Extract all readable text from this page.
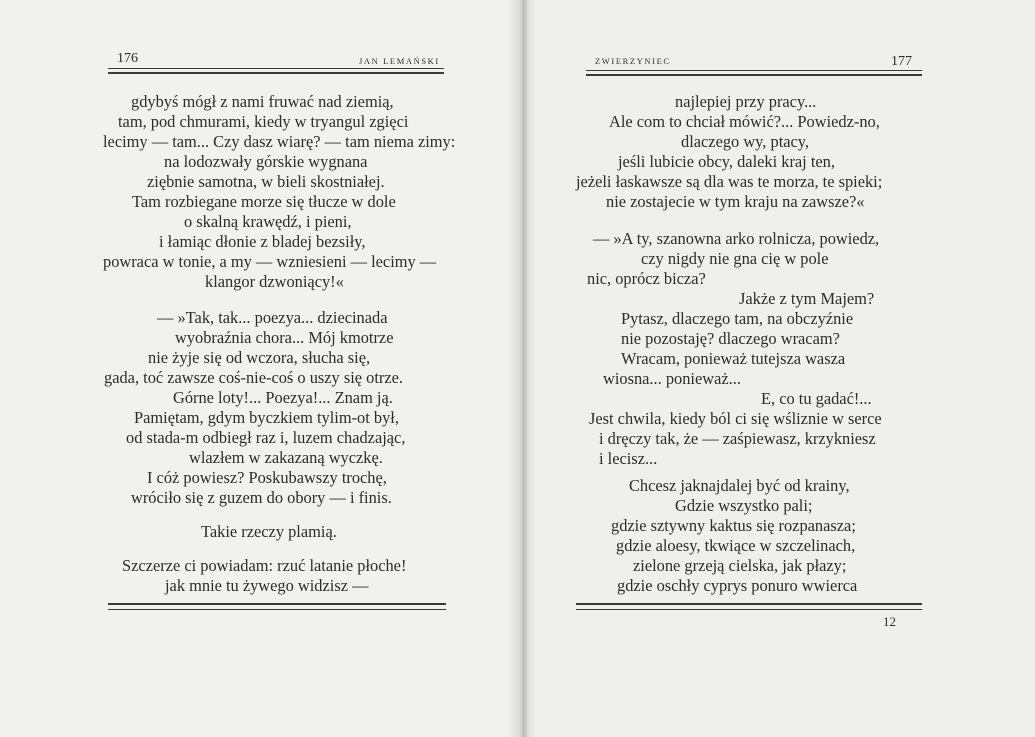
176	JAN LEMAŃSKI
gdybyś mógł z nami fruwać nad ziemią,
tam, pod chmurami, kiedy w tryangul zgięci
lecimy — tam... Czy dasz wiarę? — tam niema zimy:
na lodozwały górskie wygnana
ziębnie samotna, w bieli skostniałej.
Tam rozbiegane morze się tłucze w dole
o skalną krawędź, i pieni,
i łamiąc dłonie z bladej bezsiły,
powraca w tonie, a my — wzniesieni — lecimy —
klangor dzwoniący!«
— »Tak, tak... poezya... dziecinada
wyobraźnia chora... Mój kmotrze
nie żyje się od wczora, słucha się,
gada, toć zawsze coś-nie-coś o uszy się otrze.
Górne loty!... Poezya!... Znam ją.
Pamiętam, gdym byczkiem tylim-ot był,
od stada-m odbiegł raz i, luzem chadzając,
wlazłem w zakazaną wyczkę.
I cóż powiesz? Poskubawszy trochę,
wróciło się z guzem do obory — i finis.
Takie rzeczy plamią.
Szczerze ci powiadam: rzuć latanie płoche!
jak mnie tu żywego widzisz —
ZWIERZYNIEC	177
najlepiej przy pracy...
Ale com to chciał mówić?... Powiedz-no,
dlaczego wy, ptacy,
jeśli lubicie obcy, daleki kraj ten,
jeżeli łaskawsze są dla was te morza, te spieki;
nie zostajecie w tym kraju na zawsze?«
— »A ty, szanowna arko rolnicza, powiedz,
czy nigdy nie gna cię w pole
nic, oprócz bicza?
Jakże z tym Majem?
Pytasz, dlaczego tam, na obczyźnie
nie pozostaję? dlaczego wracam?
Wracam, ponieważ tutejsza wasza
wiosna... ponieważ...
E, co tu gadać!...
Jest chwila, kiedy ból ci się wśliznie w serce
i dręczy tak, że — zaśpiewasz, krzykniesz
i lecisz...
Chcesz jaknajdalej być od krainy,
Gdzie wszystko pali;
gdzie sztywny kaktus się rozpanasza;
gdzie aloesy, tkwiące w szczelinach,
zielone grzeją cielska, jak płazy;
gdzie oschły cyprys ponuro wwierca
12
